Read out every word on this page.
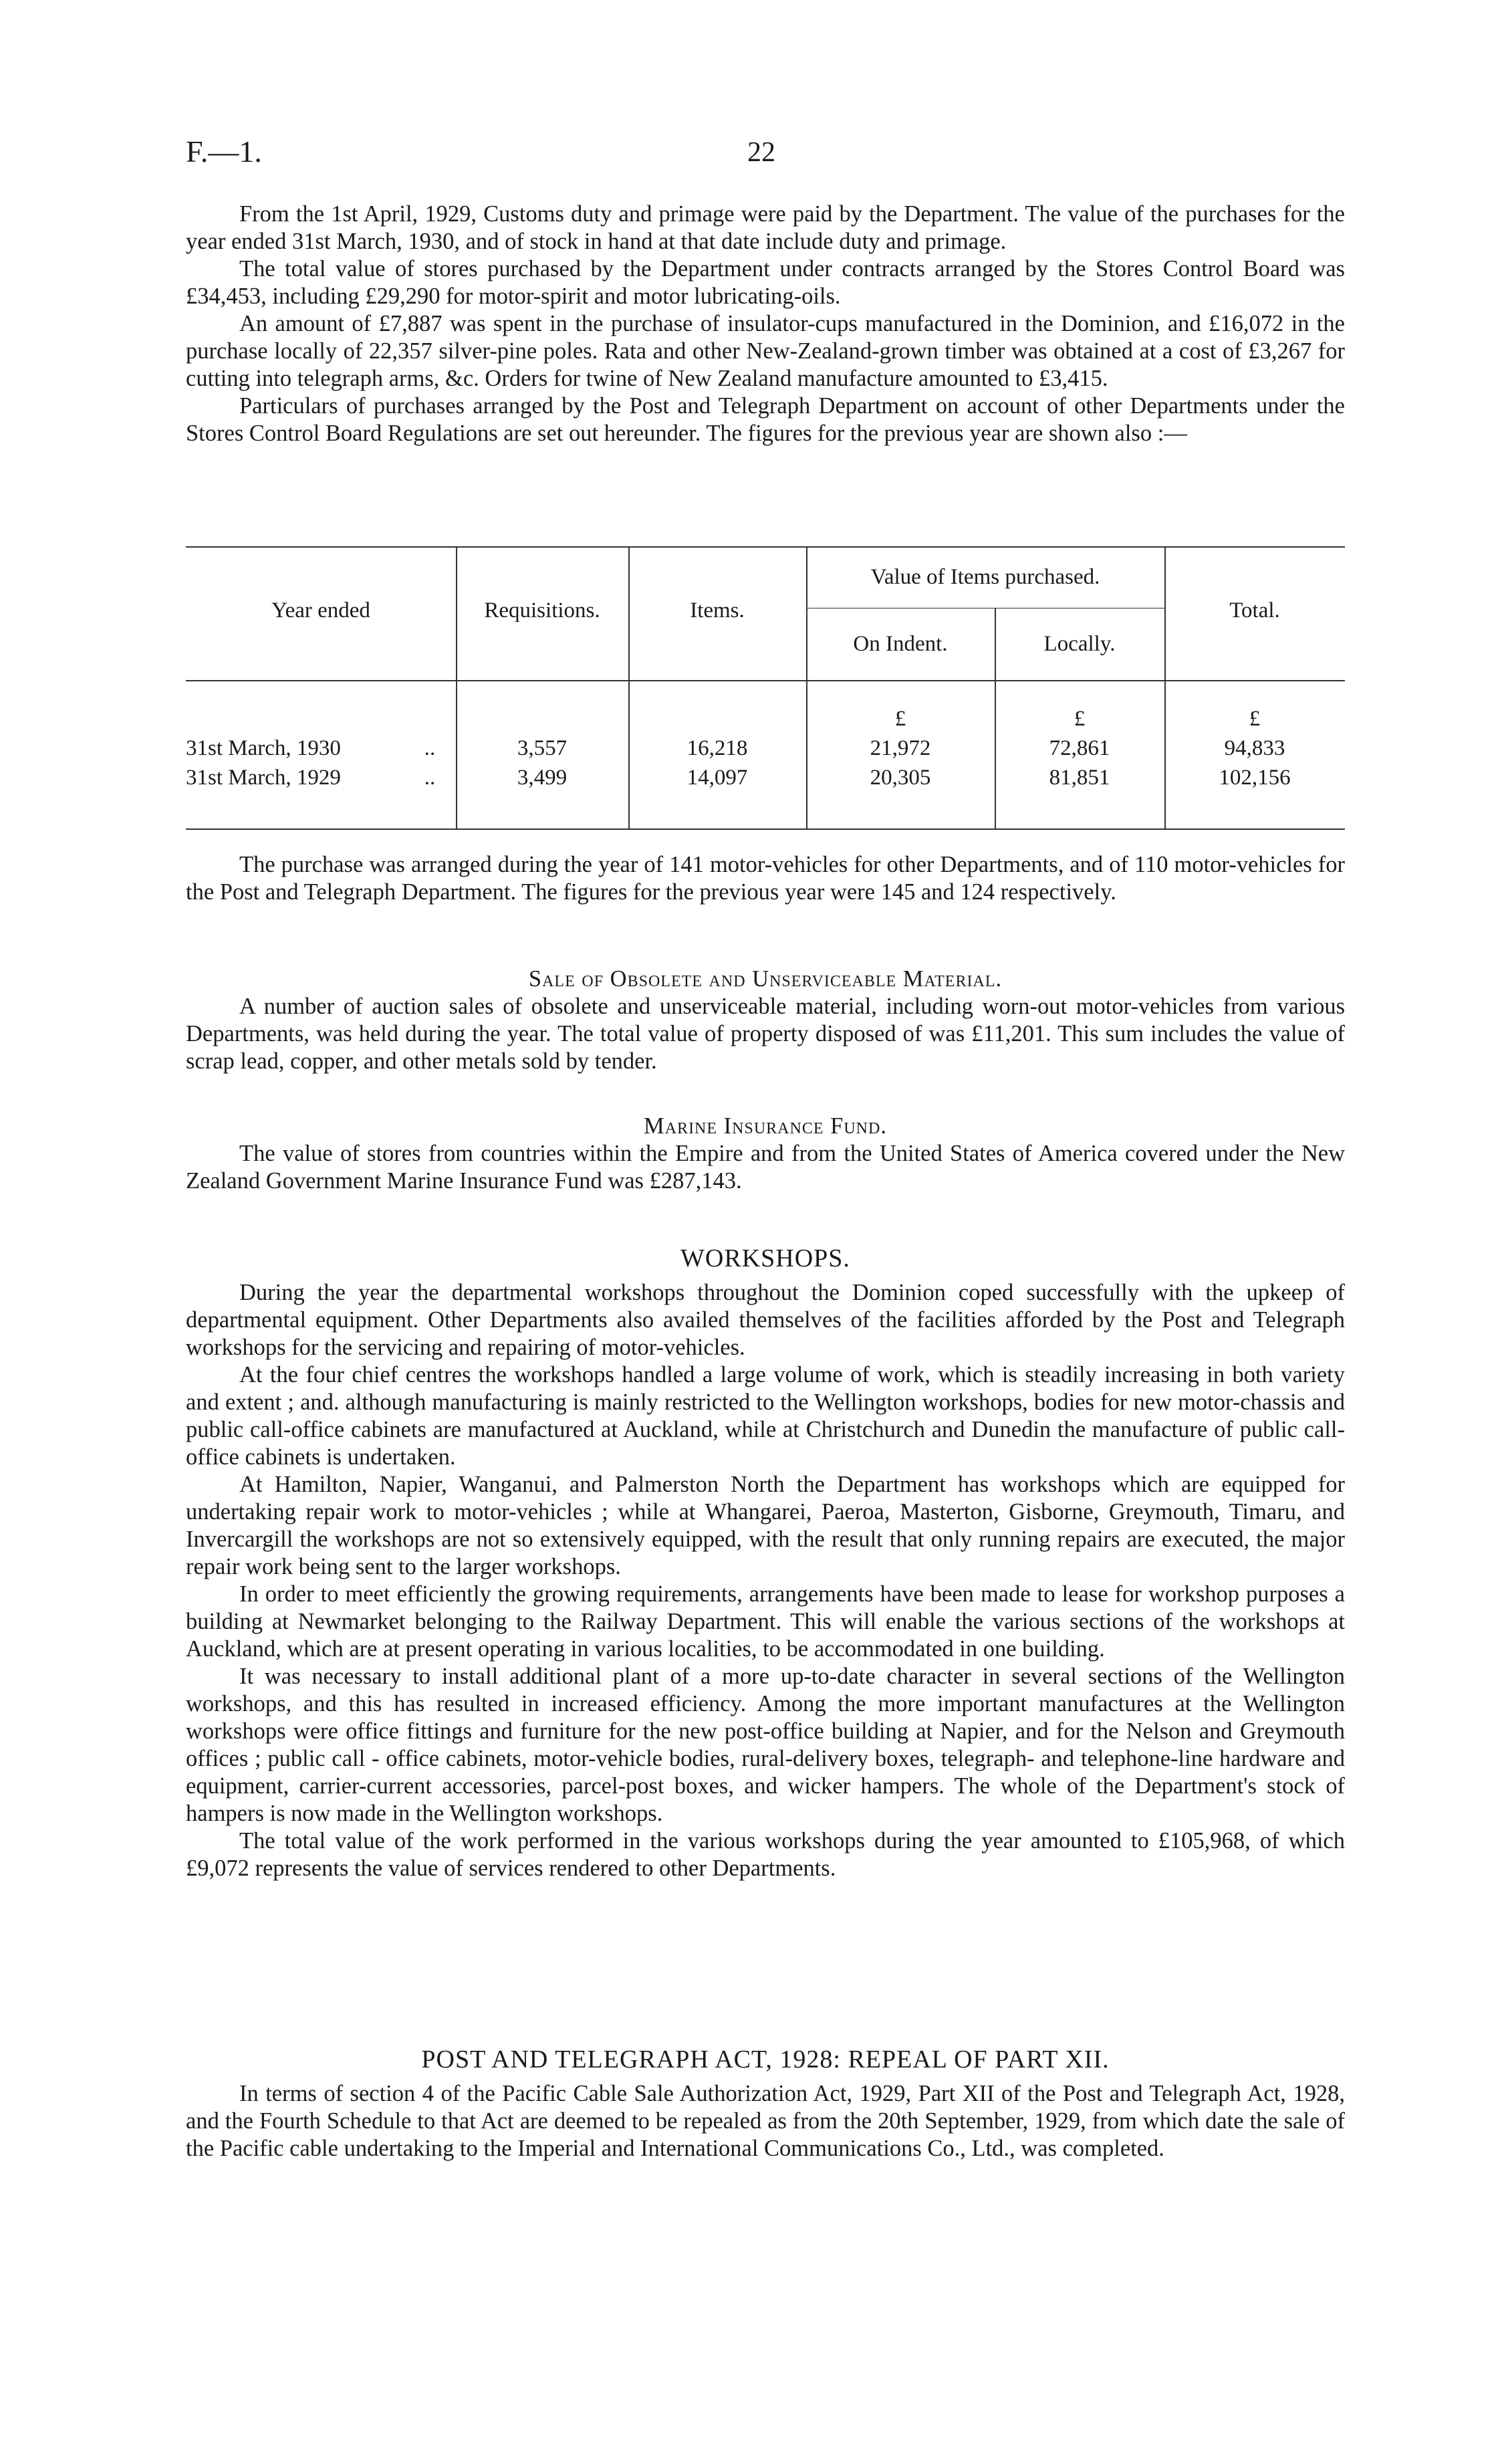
F.—1.	22

From the 1st April, 1929, Customs duty and primage were paid by the Department. The value of the purchases for the year ended 31st March, 1930, and of stock in hand at that date include duty and primage.

The total value of stores purchased by the Department under contracts arranged by the Stores Control Board was £34,453, including £29,290 for motor-spirit and motor lubricating-oils.

An amount of £7,887 was spent in the purchase of insulator-cups manufactured in the Dominion, and £16,072 in the purchase locally of 22,357 silver-pine poles. Rata and other New-Zealand-grown timber was obtained at a cost of £3,267 for cutting into telegraph arms, &c. Orders for twine of New Zealand manufacture amounted to £3,415.

Particulars of purchases arranged by the Post and Telegraph Department on account of other Departments under the Stores Control Board Regulations are set out hereunder. The figures for the previous year are shown also :—

Year ended	Requisitions.	Items.
Value of Items purchased.
On Indent.	Locally.
Total.
£	£	£
31st March, 1930	..	3,557	16,218	21,972	72,861	94,833
31st March, 1929	..	3,499	14,097	20,305	81,851	102,156

The purchase was arranged during the year of 141 motor-vehicles for other Departments, and of 110 motor-vehicles for the Post and Telegraph Department. The figures for the previous year were 145 and 124 respectively.

Sale of Obsolete and Unserviceable Material.

A number of auction sales of obsolete and unserviceable material, including worn-out motor-vehicles from various Departments, was held during the year. The total value of property disposed of was £11,201. This sum includes the value of scrap lead, copper, and other metals sold by tender.

Marine Insurance Fund.

The value of stores from countries within the Empire and from the United States of America covered under the New Zealand Government Marine Insurance Fund was £287,143.

WORKSHOPS.

During the year the departmental workshops throughout the Dominion coped successfully with the upkeep of departmental equipment. Other Departments also availed themselves of the facilities afforded by the Post and Telegraph workshops for the servicing and repairing of motor-vehicles.

At the four chief centres the workshops handled a large volume of work, which is steadily increasing in both variety and extent ; and. although manufacturing is mainly restricted to the Wellington workshops, bodies for new motor-chassis and public call-office cabinets are manufactured at Auckland, while at Christchurch and Dunedin the manufacture of public call-office cabinets is undertaken.

At Hamilton, Napier, Wanganui, and Palmerston North the Department has workshops which are equipped for undertaking repair work to motor-vehicles ; while at Whangarei, Paeroa, Masterton, Gisborne, Greymouth, Timaru, and Invercargill the workshops are not so extensively equipped, with the result that only running repairs are executed, the major repair work being sent to the larger workshops.

In order to meet efficiently the growing requirements, arrangements have been made to lease for workshop purposes a building at Newmarket belonging to the Railway Department. This will enable the various sections of the workshops at Auckland, which are at present operating in various localities, to be accommodated in one building.

It was necessary to install additional plant of a more up-to-date character in several sections of the Wellington workshops, and this has resulted in increased efficiency. Among the more important manufactures at the Wellington workshops were office fittings and furniture for the new post-office building at Napier, and for the Nelson and Greymouth offices ; public call - office cabinets, motor-vehicle bodies, rural-delivery boxes, telegraph- and telephone-line hardware and equipment, carrier-current accessories, parcel-post boxes, and wicker hampers. The whole of the Department's stock of hampers is now made in the Wellington workshops.

The total value of the work performed in the various workshops during the year amounted to £105,968, of which £9,072 represents the value of services rendered to other Departments.

POST AND TELEGRAPH ACT, 1928: REPEAL OF PART XII.

In terms of section 4 of the Pacific Cable Sale Authorization Act, 1929, Part XII of the Post and Telegraph Act, 1928, and the Fourth Schedule to that Act are deemed to be repealed as from the 20th September, 1929, from which date the sale of the Pacific cable undertaking to the Imperial and International Communications Co., Ltd., was completed.
